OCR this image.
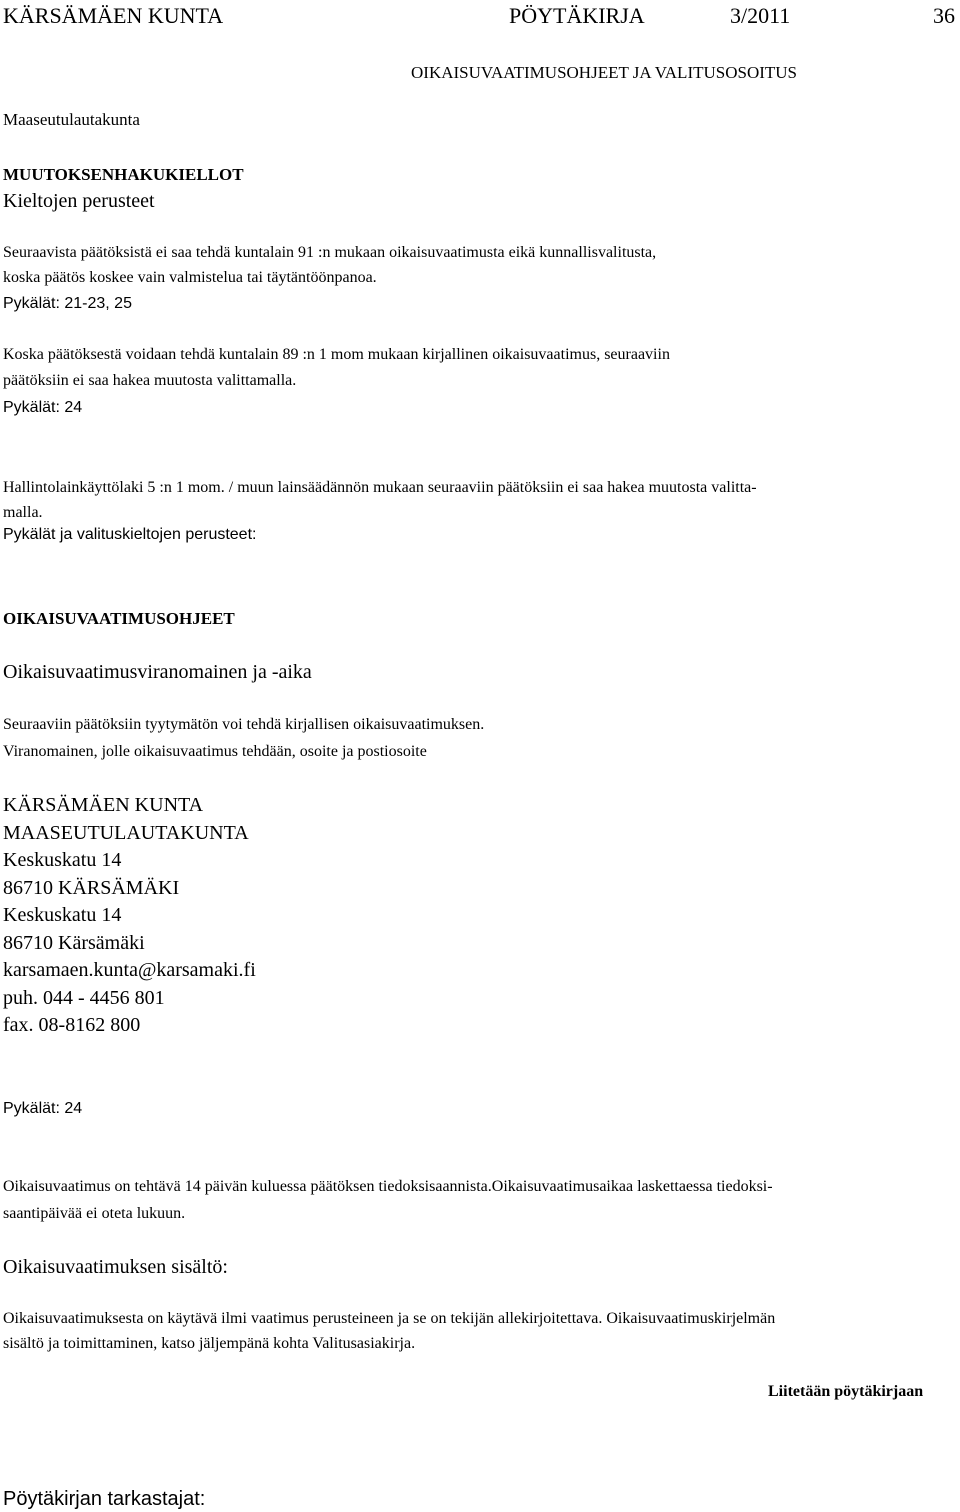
KÄRSÄMÄEN KUNTA	PÖYTÄKIRJA	3/2011	36
OIKAISUVAATIMUSOHJEET JA VALITUSOSOITUS
Maaseutulautakunta
MUUTOKSENHAKUKIELLOT
Kieltojen perusteet
Seuraavista päätöksistä ei saa tehdä kuntalain 91 :n mukaan oikaisuvaatimusta eikä kunnallisvalitusta,
koska päätös koskee vain valmistelua tai täytäntöönpanoa.
Pykälät: 21-23, 25
Koska päätöksestä voidaan tehdä kuntalain 89 :n 1 mom mukaan kirjallinen oikaisuvaatimus, seuraaviin
päätöksiin ei saa hakea muutosta valittamalla.
Pykälät: 24
Hallintolainkäyttölaki 5 :n 1 mom. / muun lainsäädännön mukaan seuraaviin päätöksiin ei saa hakea muutosta valitta-
malla.
Pykälät ja valituskieltojen perusteet:
OIKAISUVAATIMUSOHJEET
Oikaisuvaatimusviranomainen ja -aika
Seuraaviin päätöksiin tyytymätön voi tehdä kirjallisen oikaisuvaatimuksen.
Viranomainen, jolle oikaisuvaatimus tehdään, osoite ja postiosoite
KÄRSÄMÄEN KUNTA
MAASEUTULAUTAKUNTA
Keskuskatu 14
86710 KÄRSÄMÄKI
Keskuskatu 14
86710 Kärsämäki
karsamaen.kunta@karsamaki.fi
puh. 044 - 4456 801
fax. 08-8162 800
Pykälät: 24
Oikaisuvaatimus on tehtävä 14 päivän kuluessa päätöksen tiedoksisaannista.Oikaisuvaatimusaikaa laskettaessa tiedoksi-
saantipäivää ei oteta lukuun.
Oikaisuvaatimuksen sisältö:
Oikaisuvaatimuksesta on käytävä ilmi vaatimus perusteineen ja se on tekijän allekirjoitettava. Oikaisuvaatimuskirjelmän
sisältö ja toimittaminen, katso jäljempänä kohta Valitusasiakirja.
Liitetään pöytäkirjaan
Pöytäkirjan tarkastajat:
